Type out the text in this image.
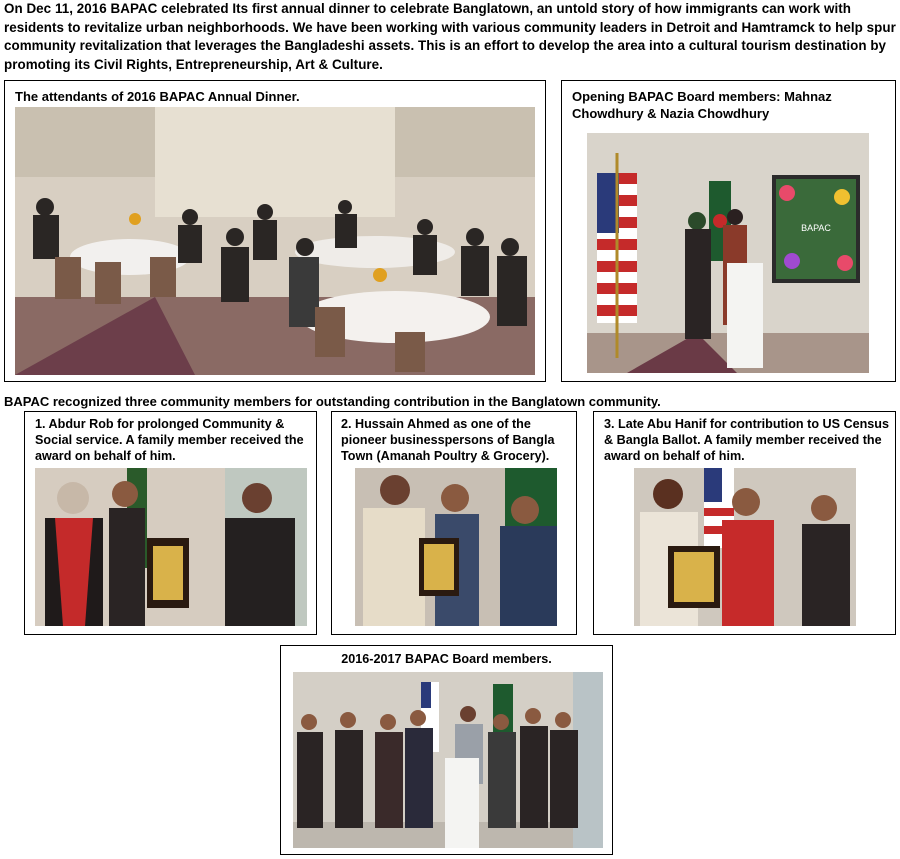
On Dec 11, 2016 BAPAC celebrated Its first annual dinner to celebrate Banglatown, an untold story of how immigrants can work with residents to revitalize urban neighborhoods. We have been working with various community leaders in Detroit and Hamtramck to help spur community revitalization that leverages the Bangladeshi assets. This is an effort to develop the area into a cultural tourism destination by promoting its Civil Rights, Entrepreneurship, Art & Culture.
The attendants of 2016 BAPAC Annual Dinner.	Opening BAPAC Board members: Mahnaz Chowdhury & Nazia Chowdhury
BAPAC
BAPAC recognized three community members for outstanding contribution in the Banglatown community.
1. Abdur Rob for prolonged Community & Social service. A family member received the award on behalf of him.
2. Hussain Ahmed as one of the pioneer businesspersons of Bangla Town (Amanah Poultry & Grocery).
3. Late Abu Hanif for contribution to US Census & Bangla Ballot. A family member received the award on behalf of him.
2016-2017 BAPAC Board members.
